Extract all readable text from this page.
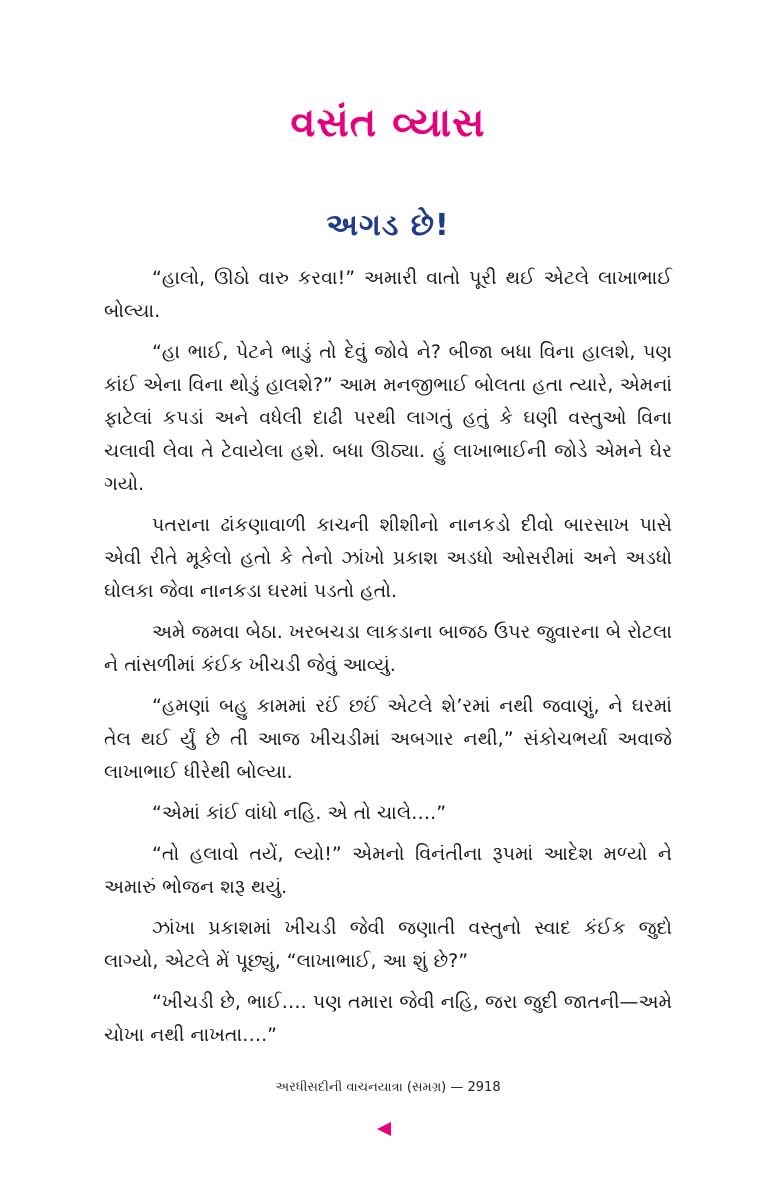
વસંત વ્યાસ
અગડ છે!

“હાલો, ઊઠો વારુ કરવા!” અમારી વાતો પૂરી થઈ એટલે લાખાભાઈ બોલ્યા.

“હા ભાઈ, પેટને ભાડું તો દેવું જોવે ને? બીજા બધા વિના હાલશે, પણ કાંઈ એના વિના થોડું હાલશે?” આમ મનજીભાઈ બોલતા હતા ત્યારે, એમનાં ફાટેલાં કપડાં અને વધેલી દાઢી પરથી લાગતું હતું કે ઘણી વસ્તુઓ વિના ચલાવી લેવા તે ટેવાયેલા હશે. બધા ઊઠ્યા. હું લાખાભાઈની જોડે એમને ઘેર ગયો.

પતરાના ઢાંકણાવાળી કાચની શીશીનો નાનકડો દીવો બારસાખ પાસે એવી રીતે મૂકેલો હતો કે તેનો ઝાંખો પ્રકાશ અડધો ઓસરીમાં અને અડધો ઘોલકા જેવા નાનકડા ઘરમાં પડતો હતો.

અમે જમવા બેઠા. ખરબચડા લાકડાના બાજઠ ઉપર જુવારના બે રોટલા ને તાંસળીમાં કંઈક ખીચડી જેવું આવ્યું.

“હમણાં બહુ કામમાં રઈં છઈં એટલે શે’રમાં નથી જવાણું, ને ઘરમાં તેલ થઈ ર્યું છે તી આજ ખીચડીમાં અબગાર નથી,” સંકોચભર્યા અવાજે લાખાભાઈ ધીરેથી બોલ્યા.

“એમાં કાંઈ વાંધો નહિ. એ તો ચાલે….”

“તો હલાવો તયેં, લ્યો!” એમનો વિનંતીના રૂપમાં આદેશ મળ્યો ને અમારું ભોજન શરૂ થયું.

ઝાંખા પ્રકાશમાં ખીચડી જેવી જણાતી વસ્તુનો સ્વાદ કંઈક જુદો લાગ્યો, એટલે મેં પૂછ્યું, “લાખાભાઈ, આ શું છે?”

“ખીચડી છે, ભાઈ…. પણ તમારા જેવી નહિ, જરા જુદી જાતની—અમે ચોખા નથી નાખતા….”

અરધીસદીની વાચનયાત્રા (સમગ્ર) — 2918
